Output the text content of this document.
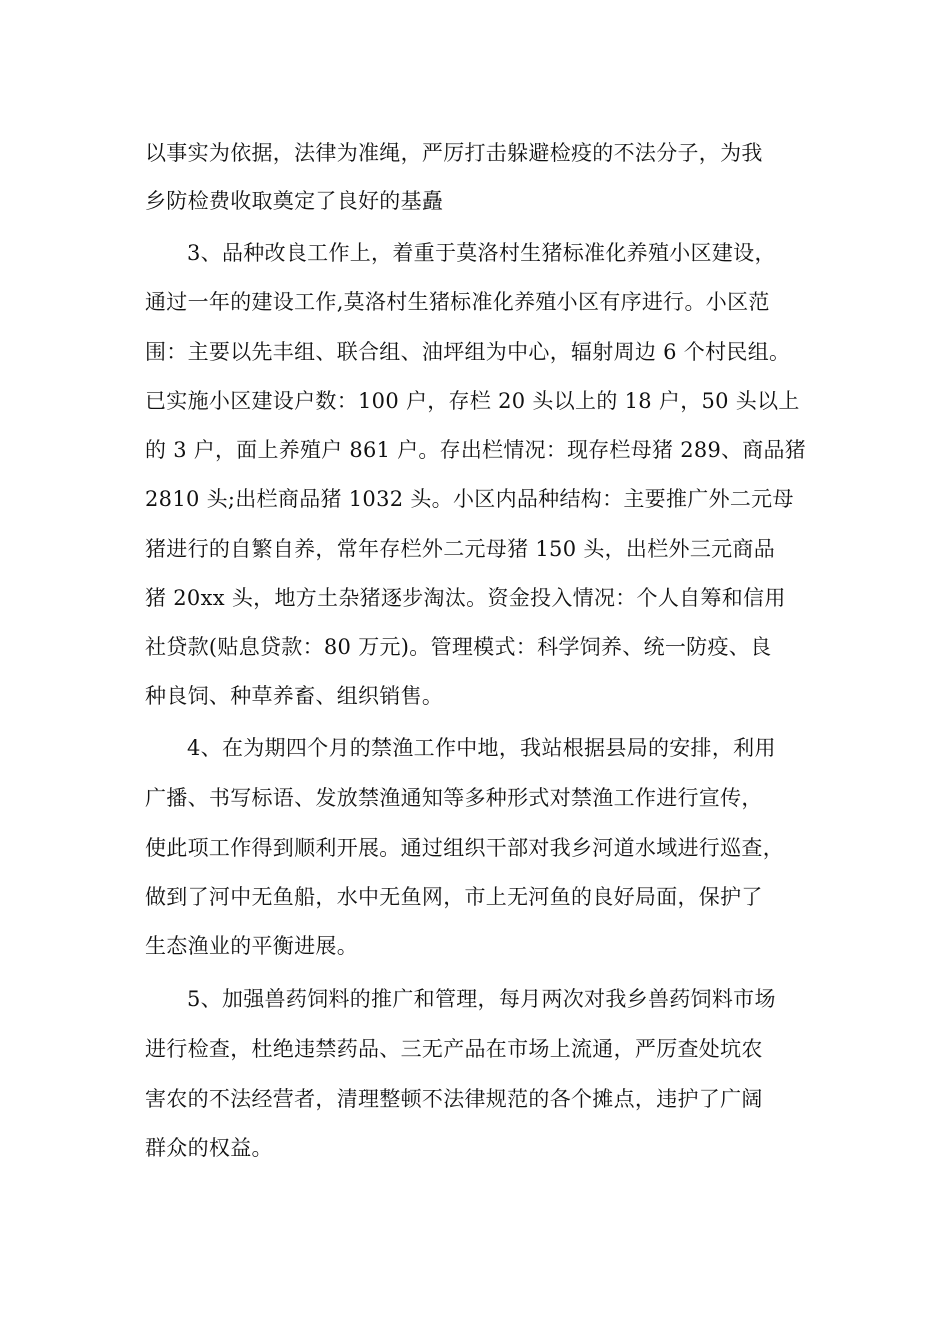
以事实为依据，法律为准绳，严厉打击躲避检疫的不法分子，为我
乡防检费收取奠定了良好的基矗
3、品种改良工作上，着重于莫洛村生猪标准化养殖小区建设，
通过一年的建设工作,莫洛村生猪标准化养殖小区有序进行。小区范
围：主要以先丰组、联合组、油坪组为中心，辐射周边 6 个村民组。
已实施小区建设户数：100 户，存栏 20 头以上的 18 户，50 头以上
的 3 户，面上养殖户 861 户。存出栏情况：现存栏母猪 289、商品猪
2810 头;出栏商品猪 1032 头。小区内品种结构：主要推广外二元母
猪进行的自繁自养，常年存栏外二元母猪 150 头，出栏外三元商品
猪 20xx 头，地方土杂猪逐步淘汰。资金投入情况：个人自筹和信用
社贷款(贴息贷款：80 万元)。管理模式：科学饲养、统一防疫、良
种良饲、种草养畜、组织销售。
4、在为期四个月的禁渔工作中地，我站根据县局的安排，利用
广播、书写标语、发放禁渔通知等多种形式对禁渔工作进行宣传，
使此项工作得到顺利开展。通过组织干部对我乡河道水域进行巡查，
做到了河中无鱼船，水中无鱼网，市上无河鱼的良好局面，保护了
生态渔业的平衡进展。
5、加强兽药饲料的推广和管理，每月两次对我乡兽药饲料市场
进行检查，杜绝违禁药品、三无产品在市场上流通，严厉查处坑农
害农的不法经营者，清理整顿不法律规范的各个摊点，违护了广阔
群众的权益。
